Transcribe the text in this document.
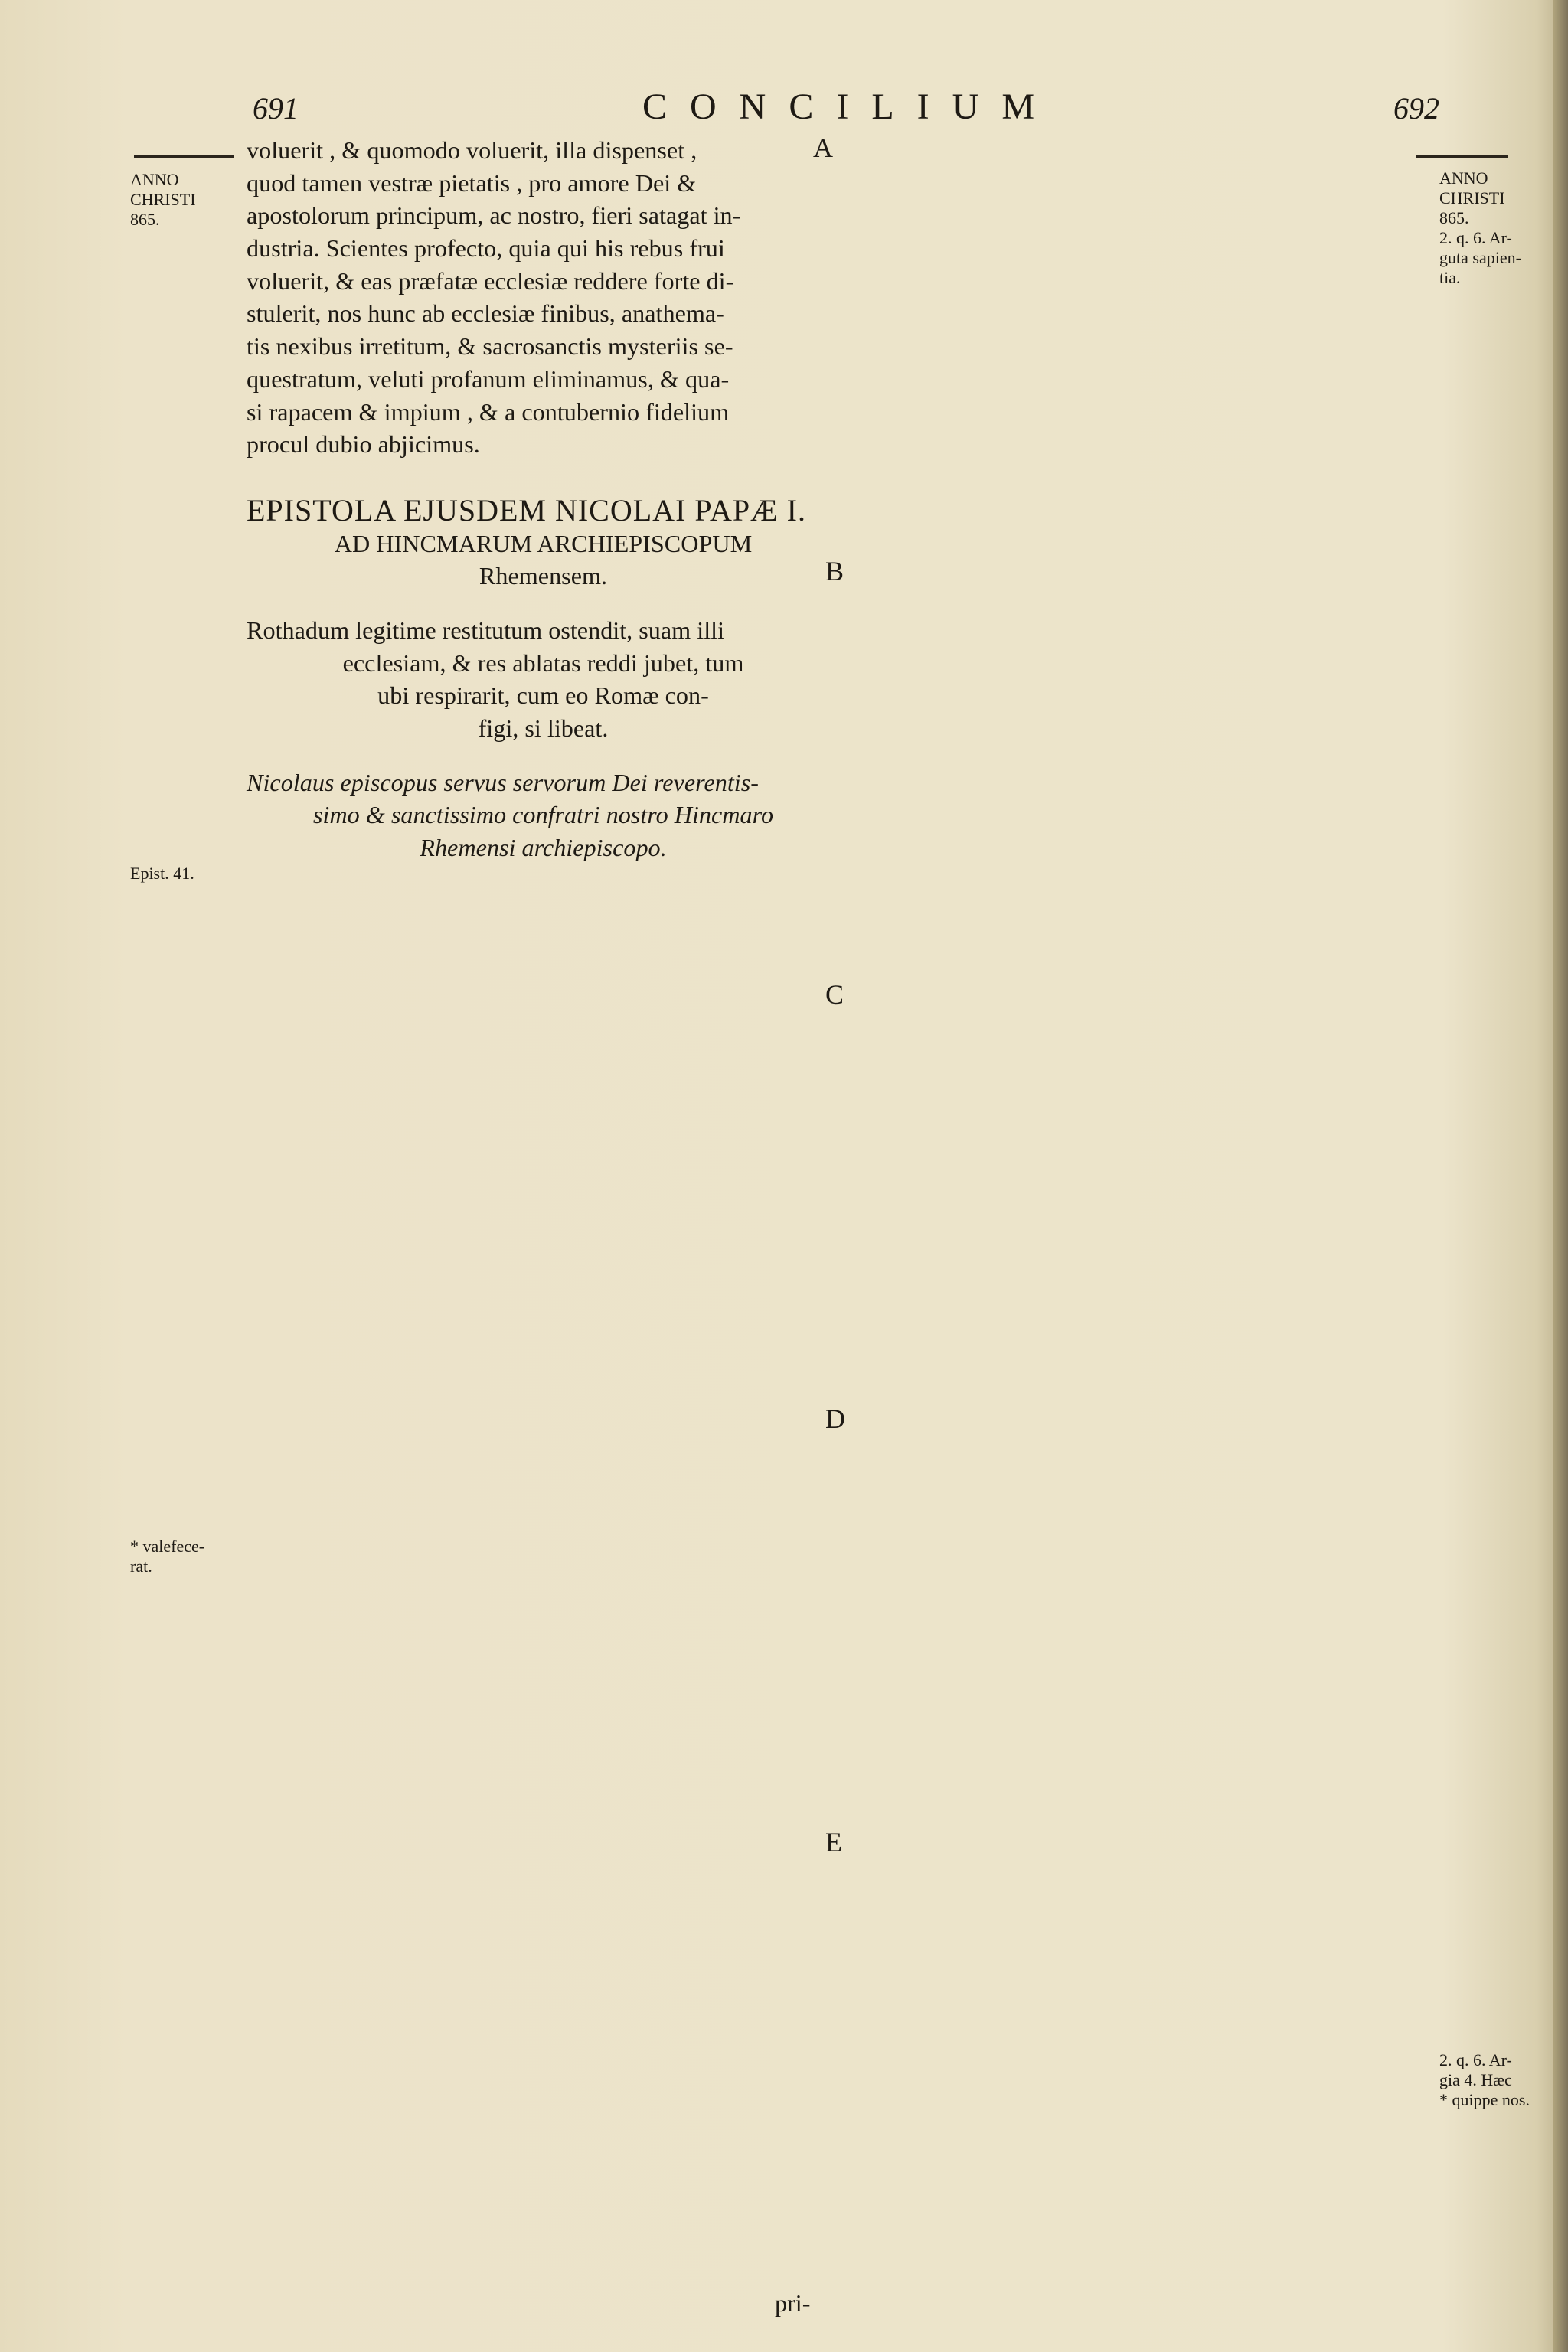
691	CONCILIUM	692
ANNO
CHRISTI
865.
Epist. 41.
* valefece-
rat.
ANNO
CHRISTI
865.
2. q. 6. Ar-
guta sapien-
tia.
2. q. 6. Ar-
gia 4. Hæc
* quippe nos.
A
B
C
D
E
voluerit , & quomodo voluerit, illa dispenset ,
quod tamen vestræ pietatis , pro amore Dei &
apostolorum principum, ac nostro, fieri satagat in-
dustria. Scientes profecto, quia qui his rebus frui
voluerit, & eas præfatæ ecclesiæ reddere forte di-
stulerit, nos hunc ab ecclesiæ finibus, anathema-
tis nexibus irretitum, & sacrosanctis mysteriis se-
questratum, veluti profanum eliminamus, & qua-
si rapacem & impium , & a contubernio fidelium
procul dubio abjicimus.
EPISTOLA EJUSDEM NICOLAI PAPÆ I.
AD HINCMARUM ARCHIEPISCOPUM
Rhemensem.
Rothadum legitime restitutum ostendit, suam illi
ecclesiam, & res ablatas reddi jubet, tum
ubi respirarit, cum eo Romæ con-
figi, si libeat.
Nicolaus episcopus servus servorum Dei reverentis-
simo & sanctissimo confratri nostro Hincmaro
Rhemensi archiepiscopo.
pri-
